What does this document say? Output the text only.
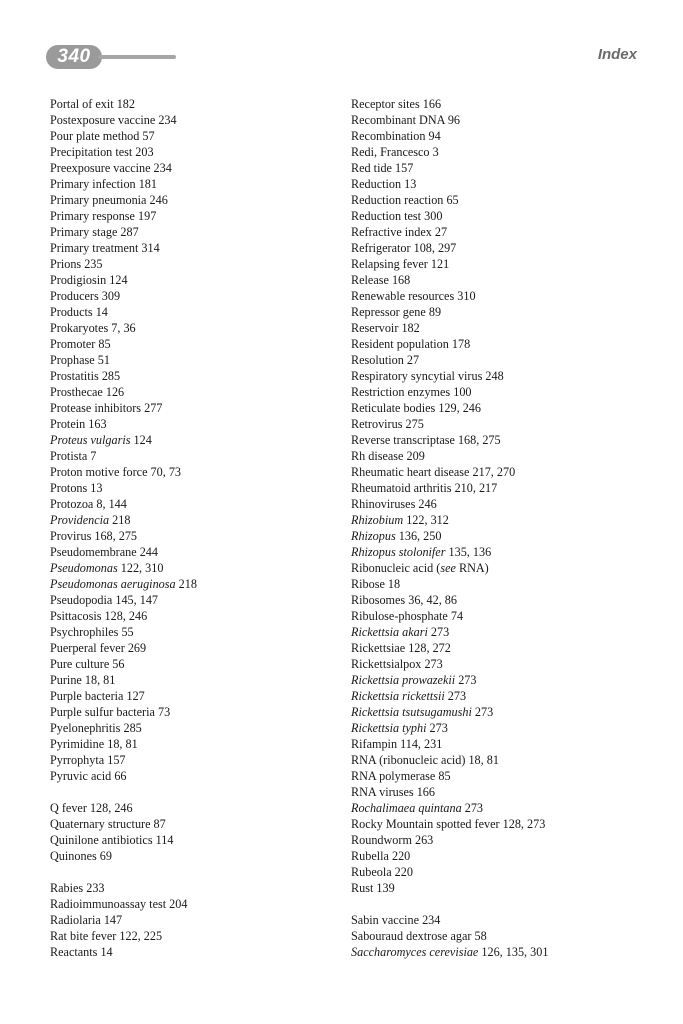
340	Index
Portal of exit 182
Postexposure vaccine 234
Pour plate method 57
Precipitation test 203
Preexposure vaccine 234
Primary infection 181
Primary pneumonia 246
Primary response 197
Primary stage 287
Primary treatment 314
Prions 235
Prodigiosin 124
Producers 309
Products 14
Prokaryotes 7, 36
Promoter 85
Prophase 51
Prostatitis 285
Prosthecae 126
Protease inhibitors 277
Protein 163
Proteus vulgaris 124
Protista 7
Proton motive force 70, 73
Protons 13
Protozoa 8, 144
Providencia 218
Provirus 168, 275
Pseudomembrane 244
Pseudomonas 122, 310
Pseudomonas aeruginosa 218
Pseudopodia 145, 147
Psittacosis 128, 246
Psychrophiles 55
Puerperal fever 269
Pure culture 56
Purine 18, 81
Purple bacteria 127
Purple sulfur bacteria 73
Pyelonephritis 285
Pyrimidine 18, 81
Pyrrophyta 157
Pyruvic acid 66
Q fever 128, 246
Quaternary structure 87
Quinilone antibiotics 114
Quinones 69
Rabies 233
Radioimmunoassay test 204
Radiolaria 147
Rat bite fever 122, 225
Reactants 14
Receptor sites 166
Recombinant DNA 96
Recombination 94
Redi, Francesco 3
Red tide 157
Reduction 13
Reduction reaction 65
Reduction test 300
Refractive index 27
Refrigerator 108, 297
Relapsing fever 121
Release 168
Renewable resources 310
Repressor gene 89
Reservoir 182
Resident population 178
Resolution 27
Respiratory syncytial virus 248
Restriction enzymes 100
Reticulate bodies 129, 246
Retrovirus 275
Reverse transcriptase 168, 275
Rh disease 209
Rheumatic heart disease 217, 270
Rheumatoid arthritis 210, 217
Rhinoviruses 246
Rhizobium 122, 312
Rhizopus 136, 250
Rhizopus stolonifer 135, 136
Ribonucleic acid (see RNA)
Ribose 18
Ribosomes 36, 42, 86
Ribulose-phosphate 74
Rickettsia akari 273
Rickettsiae 128, 272
Rickettsialpox 273
Rickettsia prowazekii 273
Rickettsia rickettsii 273
Rickettsia tsutsugamushi 273
Rickettsia typhi 273
Rifampin 114, 231
RNA (ribonucleic acid) 18, 81
RNA polymerase 85
RNA viruses 166
Rochalimaea quintana 273
Rocky Mountain spotted fever 128, 273
Roundworm 263
Rubella 220
Rubeola 220
Rust 139
Sabin vaccine 234
Sabouraud dextrose agar 58
Saccharomyces cerevisiae 126, 135, 301
